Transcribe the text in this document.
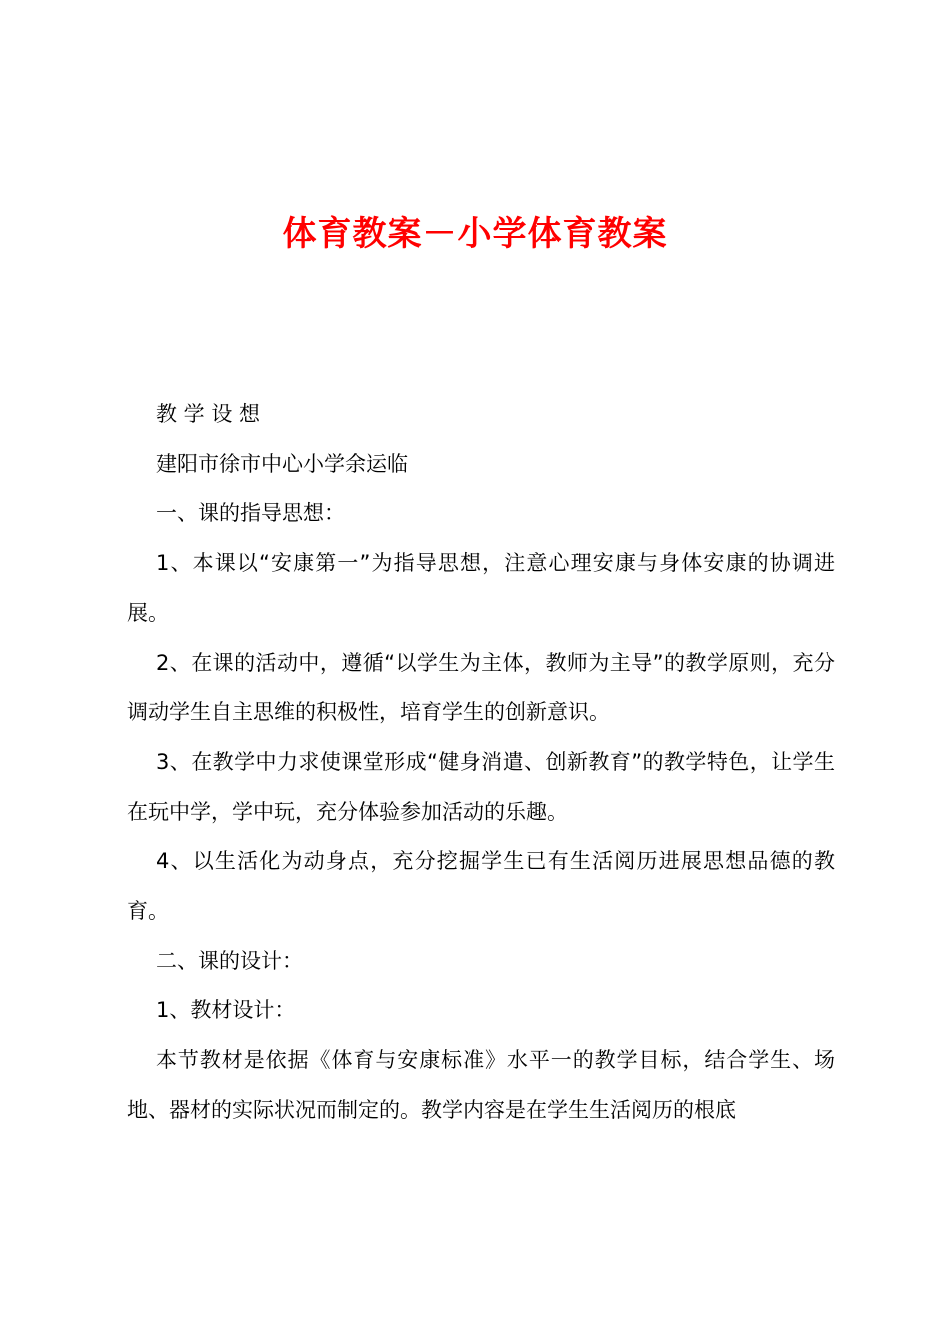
体育教案－小学体育教案

教 学 设 想

建阳市徐市中心小学余运临

一、课的指导思想：

1、本课以“安康第一”为指导思想，注意心理安康与身体安康的协调进展。

2、在课的活动中，遵循“以学生为主体，教师为主导”的教学原则，充分调动学生自主思维的积极性，培育学生的创新意识。

3、在教学中力求使课堂形成“健身消遣、创新教育”的教学特色，让学生在玩中学，学中玩，充分体验参加活动的乐趣。

4、以生活化为动身点，充分挖掘学生已有生活阅历进展思想品德的教育。

二、课的设计：

1、教材设计：

本节教材是依据《体育与安康标准》水平一的教学目标，结合学生、场地、器材的实际状况而制定的。教学内容是在学生生活阅历的根底
